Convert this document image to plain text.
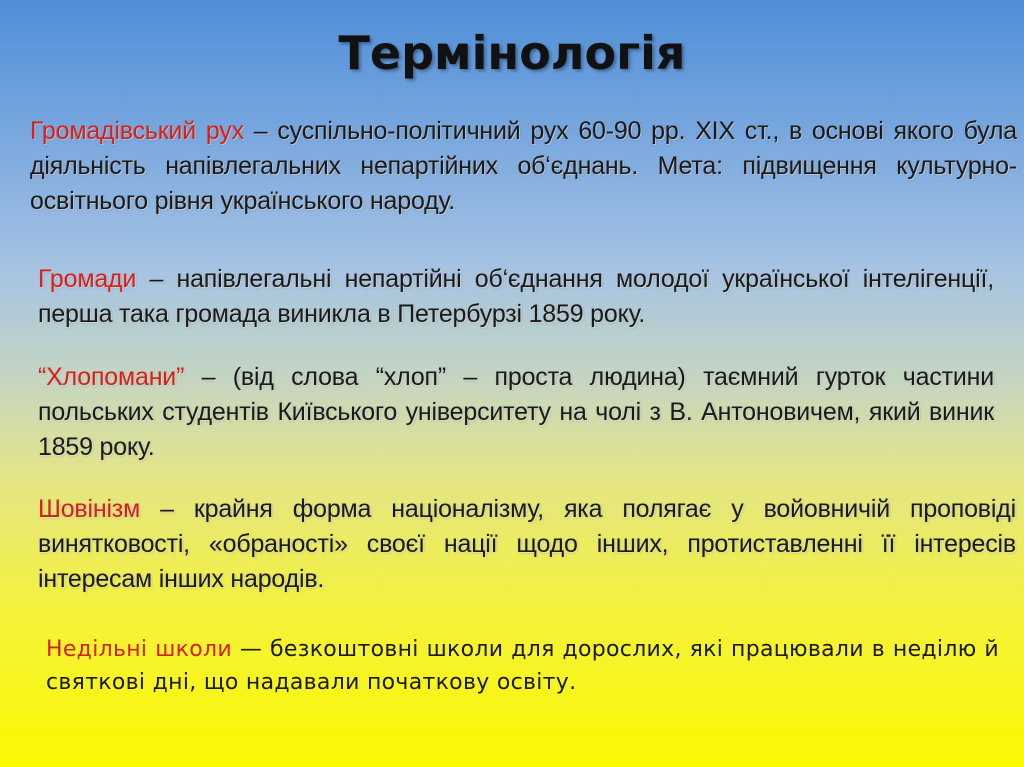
Термінологія
Громадівський рух – суспільно-політичний рух 60-90 рр. XIX ст., в основі якого була діяльність напівлегальних непартійних об‘єднань. Мета: підвищення культурно-освітнього рівня українського народу.
Громади – напівлегальні непартійні об‘єднання молодої української інтелігенції, перша така громада виникла в Петербурзі 1859 року.
“Хлопомани” – (від слова “хлоп” – проста людина) таємний гурток частини польських студентів Київського університету на чолі з В. Антоновичем, який виник 1859 року.
Шовінізм – крайня форма націоналізму, яка полягає у войовничій проповіді винятковості, «обраності» своєї нації щодо інших, протиставленні її інтересів інтересам інших народів.
Недільні школи — безкоштовні школи для дорослих, які працювали в неділю й святкові дні, що надавали початкову освіту.
